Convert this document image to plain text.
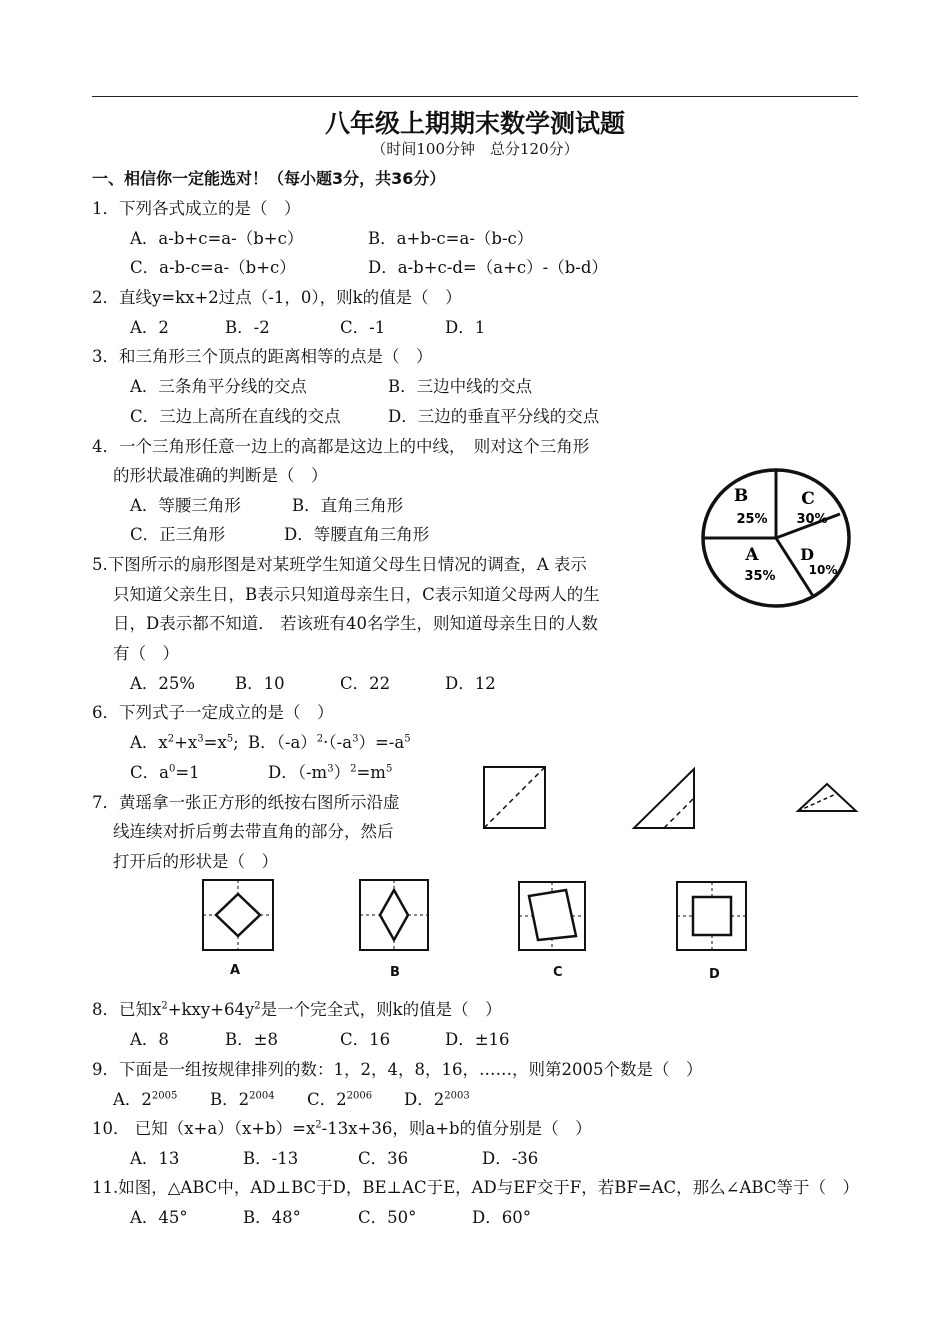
八年级上期期末数学测试题
（时间100分钟　总分120分）
一、相信你一定能选对！（每小题3分，共36分）
1．下列各式成立的是（　）
A．a-b+c=a-（b+c）	B．a+b-c=a-（b-c）
C．a-b-c=a-（b+c）	D．a-b+c-d=（a+c）-（b-d）
2．直线y=kx+2过点（-1，0），则k的值是（　）
A．2	B．-2	C．-1	D．1
3．和三角形三个顶点的距离相等的点是（　）
A．三条角平分线的交点	B．三边中线的交点
C．三边上高所在直线的交点	D．三边的垂直平分线的交点
4．一个三角形任意一边上的高都是这边上的中线，　则对这个三角形
的形状最准确的判断是（　）
A．等腰三角形	B．直角三角形
C．正三角形	D．等腰直角三角形
B
25%
C
30%
A
35%
D
10%
5.下图所示的扇形图是对某班学生知道父母生日情况的调查，A 表示
只知道父亲生日，B表示只知道母亲生日，C表示知道父母两人的生
日，D表示都不知道． 若该班有40名学生，则知道母亲生日的人数
有（　）
A．25% B．10	C．22	D．12
6．下列式子一定成立的是（　）
A．$x^2+x^3=x^5$; B．$(-a)^2\cdot(-a^3)=-a^5$
C．$a^0=1$	D．$(-m^3)^2=m^5$
7．黄瑶拿一张正方形的纸按右图所示沿虚
线连续对折后剪去带直角的部分，然后
打开后的形状是（　）
A	B	C	D
8．已知$x^2+kxy+64y^2$是一个完全式，则k的值是（　）
A．8	B．±8	C．16	D．±16
9．下面是一组按规律排列的数：1，2，4，8，16，……，则第2005个数是（　）
A．$2^{2005}$ B．$2^{2004}$ C．$2^{2006}$ D．$2^{2003}$
10． 已知$(x+a)(x+b)=x^2-13x+36$，则a+b的值分别是（　）
A．13	B．-13	C．36	D．-36
11.如图，△ABC中，AD⊥BC于D，BE⊥AC于E，AD与EF交于F，若BF=AC，那么∠ABC等于（　）
A．45°	B．48°	C．50°	D．60°
